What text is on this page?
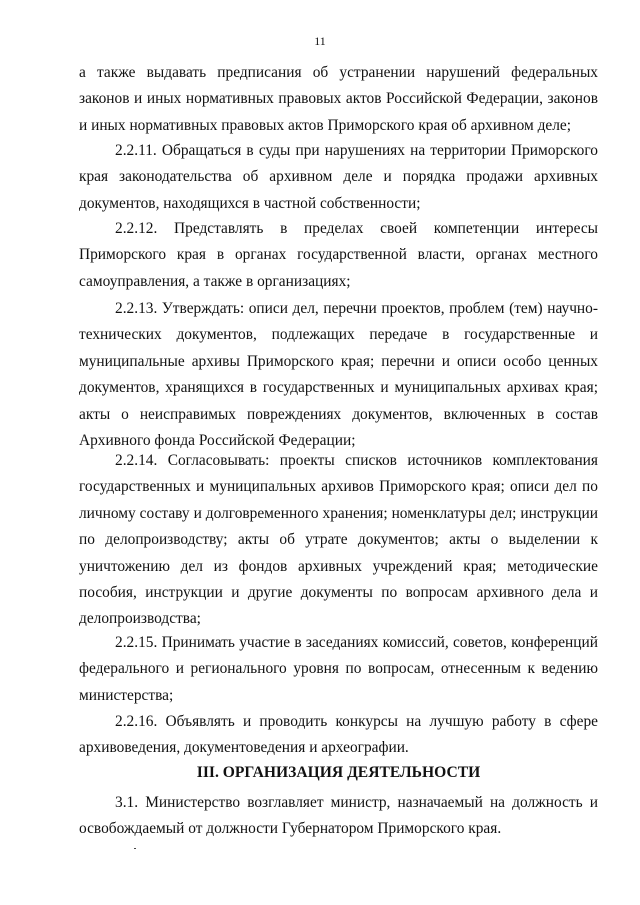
11

а также выдавать предписания об устранении нарушений федеральных законов и иных нормативных правовых актов Российской Федерации, законов и иных нормативных правовых актов Приморского края об архивном деле;

2.2.11. Обращаться в суды при нарушениях на территории Приморского края законодательства об архивном деле и порядка продажи архивных документов, находящихся в частной собственности;

2.2.12. Представлять в пределах своей компетенции интересы Приморского края в органах государственной власти, органах местного самоуправления, а также в организациях;

2.2.13. Утверждать: описи дел, перечни проектов, проблем (тем) научно-технических документов, подлежащих передаче в государственные и муниципальные архивы Приморского края; перечни и описи особо ценных документов, хранящихся в государственных и муниципальных архивах края; акты о неисправимых повреждениях документов, включенных в состав Архивного фонда Российской Федерации;

2.2.14. Согласовывать: проекты списков источников комплектования государственных и муниципальных архивов Приморского края; описи дел по личному составу и долговременного хранения; номенклатуры дел; инструкции по делопроизводству; акты об утрате документов; акты о выделении к уничтожению дел из фондов архивных учреждений края; методические пособия, инструкции и другие документы по вопросам архивного дела и делопроизводства;

2.2.15. Принимать участие в заседаниях комиссий, советов, конференций федерального и регионального уровня по вопросам, отнесенным к ведению министерства;

2.2.16. Объявлять и проводить конкурсы на лучшую работу в сфере архивоведения, документоведения и археографии.

III. ОРГАНИЗАЦИЯ ДЕЯТЕЛЬНОСТИ

3.1. Министерство возглавляет министр, назначаемый на должность и освобождаемый от должности Губернатором Приморского края.
